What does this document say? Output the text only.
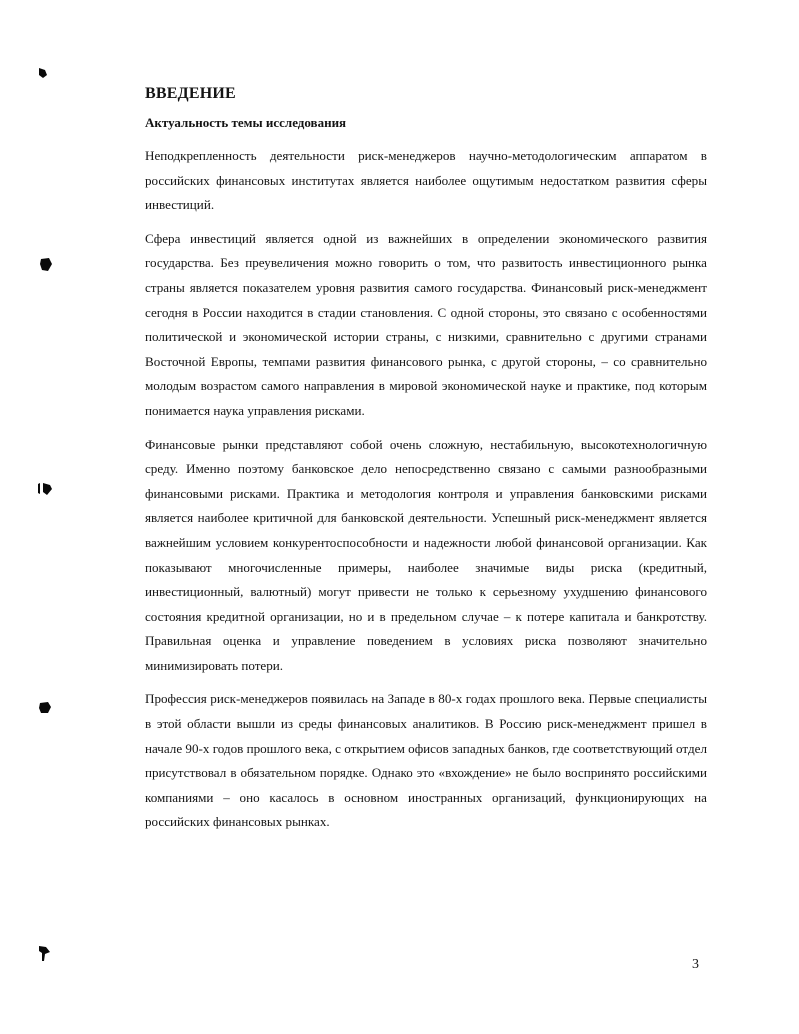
ВВЕДЕНИЕ
Актуальность темы исследования

Неподкрепленность деятельности риск-менеджеров научно-методологическим аппаратом в российских финансовых институтах является наиболее ощутимым недостатком развития сферы инвестиций.

Сфера инвестиций является одной из важнейших в определении экономического развития государства. Без преувеличения можно говорить о том, что развитость инвестиционного рынка страны является показателем уровня развития самого государства. Финансовый риск-менеджмент сегодня в России находится в стадии становления. С одной стороны, это связано с особенностями политической и экономической истории страны, с низкими, сравнительно с другими странами Восточной Европы, темпами развития финансового рынка, с другой стороны, – со сравнительно молодым возрастом самого направления в мировой экономической науке и практике, под которым понимается наука управления рисками.

Финансовые рынки представляют собой очень сложную, нестабильную, высокотехнологичную среду. Именно поэтому банковское дело непосредственно связано с самыми разнообразными финансовыми рисками. Практика и методология контроля и управления банковскими рисками является наиболее критичной для банковской деятельности. Успешный риск-менеджмент является важнейшим условием конкурентоспособности и надежности любой финансовой организации. Как показывают многочисленные примеры, наиболее значимые виды риска (кредитный, инвестиционный, валютный) могут привести не только к серьезному ухудшению финансового состояния кредитной организации, но и в предельном случае – к потере капитала и банкротству. Правильная оценка и управление поведением в условиях риска позволяют значительно минимизировать потери.

Профессия риск-менеджеров появилась на Западе в 80-х годах прошлого века. Первые специалисты в этой области вышли из среды финансовых аналитиков. В Россию риск-менеджмент пришел в начале 90-х годов прошлого века, с открытием офисов западных банков, где соответствующий отдел присутствовал в обязательном порядке. Однако это «вхождение» не было воспринято российскими компаниями – оно касалось в основном иностранных организаций, функционирующих на российских финансовых рынках.

3
